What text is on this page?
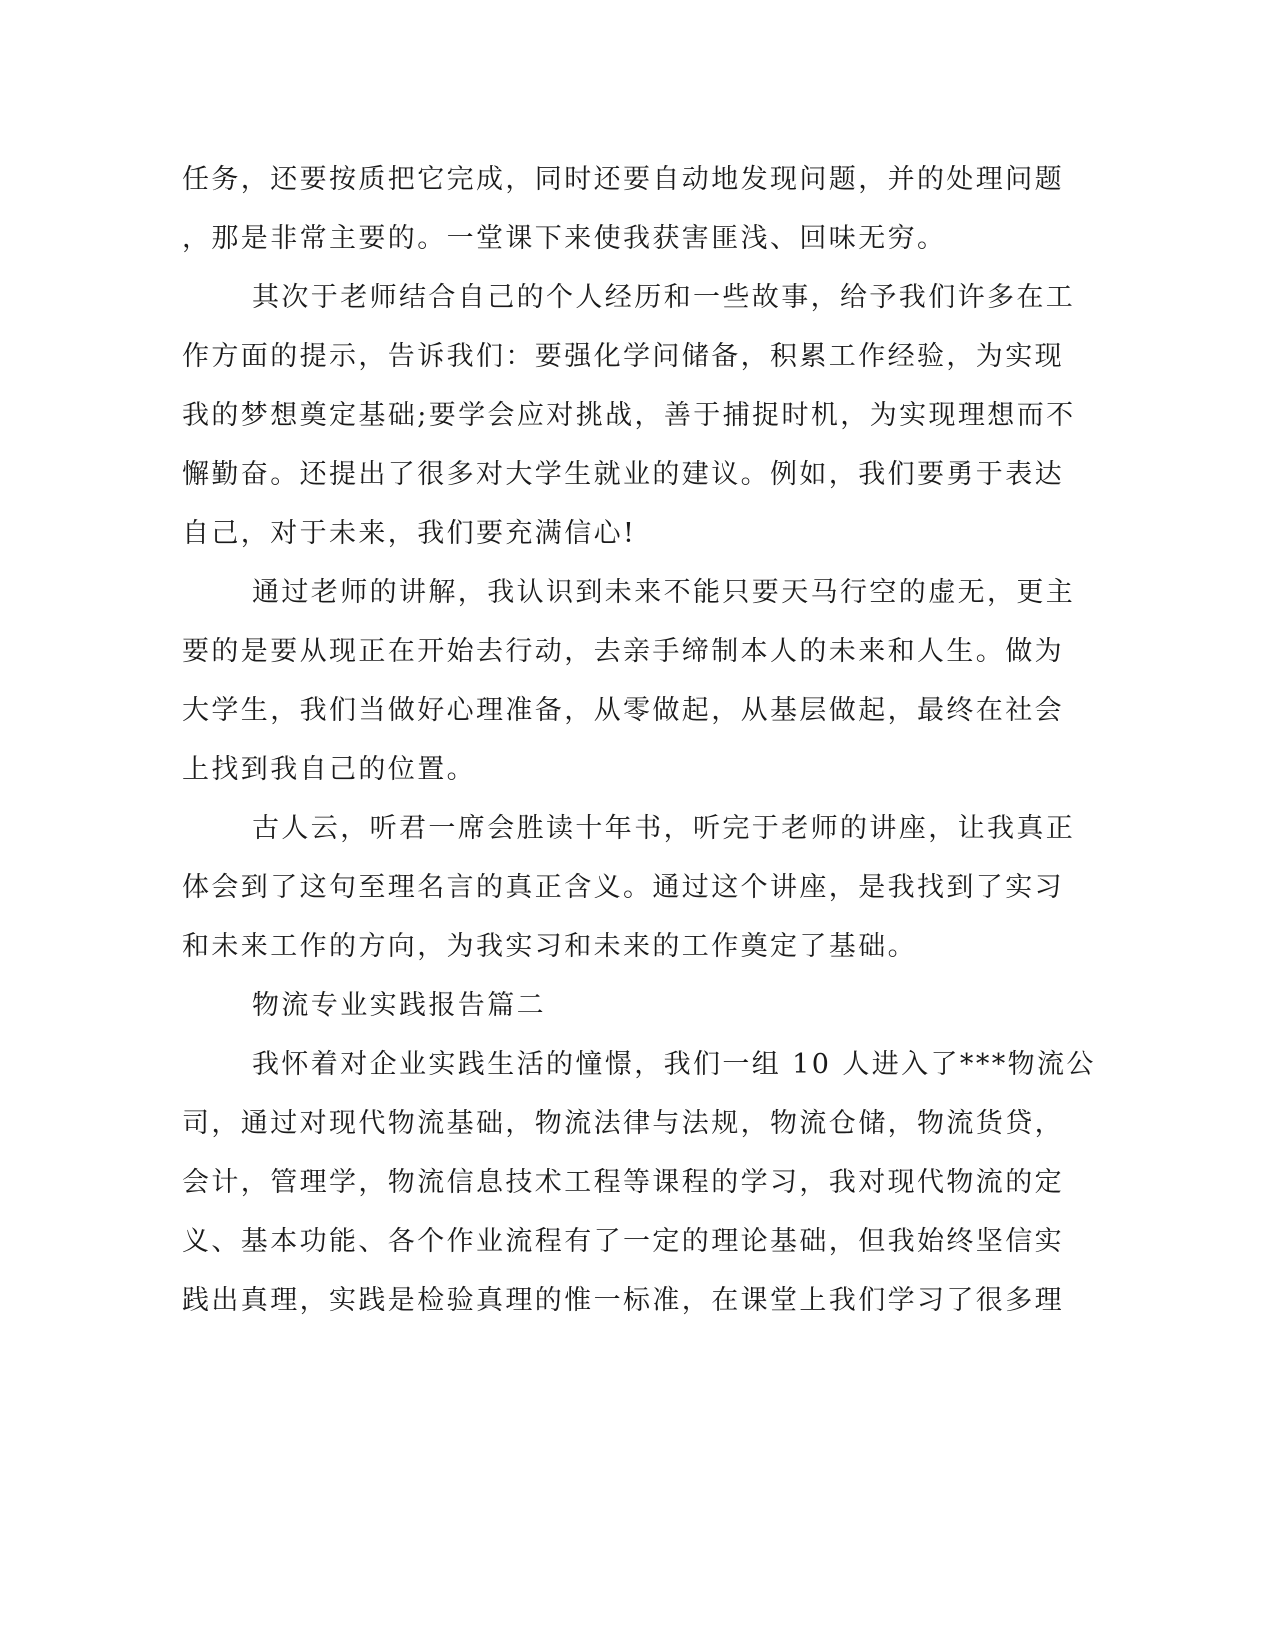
任务，还要按质把它完成，同时还要自动地发现问题，并的处理问题
，那是非常主要的。一堂课下来使我获害匪浅、回味无穷。
其次于老师结合自己的个人经历和一些故事，给予我们许多在工
作方面的提示，告诉我们：要强化学问储备，积累工作经验，为实现
我的梦想奠定基础;要学会应对挑战，善于捕捉时机，为实现理想而不
懈勤奋。还提出了很多对大学生就业的建议。例如，我们要勇于表达
自己，对于未来，我们要充满信心!
通过老师的讲解，我认识到未来不能只要天马行空的虚无，更主
要的是要从现正在开始去行动，去亲手缔制本人的未来和人生。做为
大学生，我们当做好心理准备，从零做起，从基层做起，最终在社会
上找到我自己的位置。
古人云，听君一席会胜读十年书，听完于老师的讲座，让我真正
体会到了这句至理名言的真正含义。通过这个讲座，是我找到了实习
和未来工作的方向，为我实习和未来的工作奠定了基础。
物流专业实践报告篇二
我怀着对企业实践生活的憧憬，我们一组 10 人进入了***物流公
司，通过对现代物流基础，物流法律与法规，物流仓储，物流货贷，
会计，管理学，物流信息技术工程等课程的学习，我对现代物流的定
义、基本功能、各个作业流程有了一定的理论基础，但我始终坚信实
践出真理，实践是检验真理的惟一标准，在课堂上我们学习了很多理
